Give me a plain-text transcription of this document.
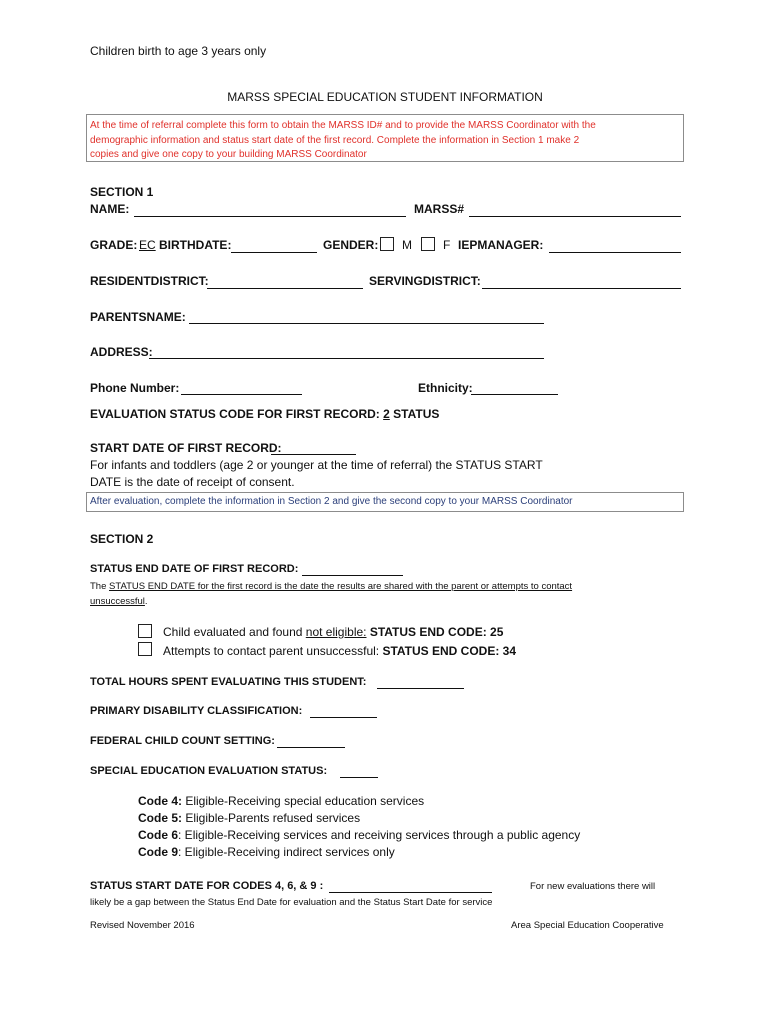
Children birth to age 3 years only
MARSS SPECIAL EDUCATION STUDENT INFORMATION
At the time of referral complete this form to obtain the MARSS ID# and to provide the MARSS Coordinator with the
demographic information and status start date of the first record. Complete the information in Section 1 make 2
copies and give one copy to your building MARSS Coordinator
SECTION 1
NAME:	MARSS#
GRADE: EC BIRTHDATE:	GENDER: M	F IEPMANAGER:
RESIDENTDISTRICT:	SERVINGDISTRICT:
PARENTSNAME:
ADDRESS:
Phone Number:	Ethnicity:
EVALUATION STATUS CODE FOR FIRST RECORD: 2 STATUS
START DATE OF FIRST RECORD:
For infants and toddlers (age 2 or younger at the time of referral) the STATUS START
DATE is the date of receipt of consent.
After evaluation, complete the information in Section 2 and give the second copy to your MARSS Coordinator
SECTION 2
STATUS END DATE OF FIRST RECORD:
The STATUS END DATE for the first record is the date the results are shared with the parent or attempts to contact
unsuccessful.
Child evaluated and found not eligible: STATUS END CODE: 25
Attempts to contact parent unsuccessful: STATUS END CODE: 34
TOTAL HOURS SPENT EVALUATING THIS STUDENT:
PRIMARY DISABILITY CLASSIFICATION:
FEDERAL CHILD COUNT SETTING:
SPECIAL EDUCATION EVALUATION STATUS:
Code 4: Eligible-Receiving special education services
Code 5: Eligible-Parents refused services
Code 6: Eligible-Receiving services and receiving services through a public agency
Code 9: Eligible-Receiving indirect services only
STATUS START DATE FOR CODES 4, 6, & 9 :	For new evaluations there will
likely be a gap between the Status End Date for evaluation and the Status Start Date for service
Revised November 2016	Area Special Education Cooperative
